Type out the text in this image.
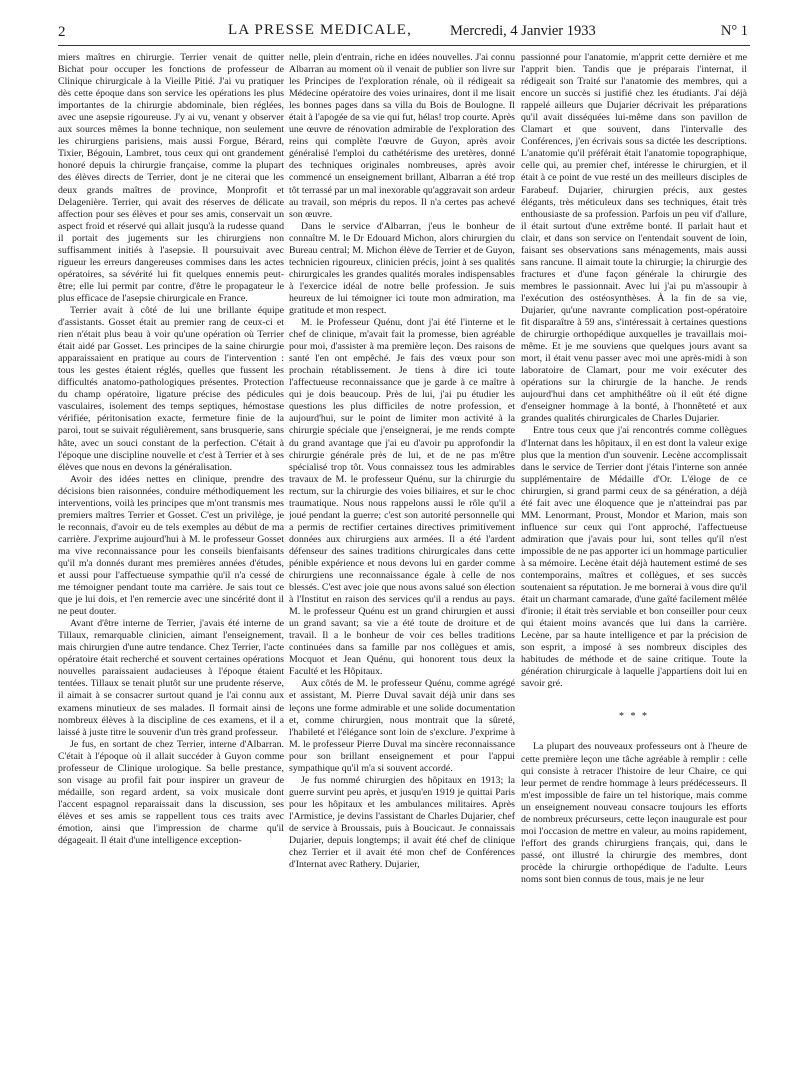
2	LA PRESSE MEDICALE,	Mercredi, 4 Janvier 1933	N° 1

miers maîtres en chirurgie. Terrier venait de quitter Bichat pour occuper les fonctions de professeur de Clinique chirurgicale à la Vieille Pitié. J'ai vu pratiquer dès cette époque dans son service les opérations les plus importantes de la chirurgie abdominale, bien réglées, avec une asepsie rigoureuse. J'y ai vu, venant y observer aux sources mêmes la bonne technique, non seulement les chirurgiens parisiens, mais aussi Forgue, Bérard, Tixier, Bégouin, Lambret, tous ceux qui ont grandement honoré depuis la chirurgie française, comme la plupart des élèves directs de Terrier, dont je ne citerai que les deux grands maîtres de province, Monprofit et Delagenière. Terrier, qui avait des réserves de délicate affection pour ses élèves et pour ses amis, conservait un aspect froid et réservé qui allait jusqu'à la rudesse quand il portait des jugements sur les chirurgiens non suffisamment initiés à l'asepsie. Il poursuivait avec rigueur les erreurs dangereuses commises dans les actes opératoires, sa sévérité lui fit quelques ennemis peut-être; elle lui permit par contre, d'être le propagateur le plus efficace de l'asepsie chirurgicale en France.

Terrier avait à côté de lui une brillante équipe d'assistants. Gosset était au premier rang de ceux-ci et rien n'était plus beau à voir qu'une opération où Terrier était aidé par Gosset. Les principes de la saine chirurgie apparaissaient en pratique au cours de l'intervention : tous les gestes étaient réglés, quelles que fussent les difficultés anatomo-pathologiques présentes. Protection du champ opératoire, ligature précise des pédicules vasculaires, isolement des temps septiques, hémostase vérifiée, péritonisation exacte, fermeture finie de la paroi, tout se suivait régulièrement, sans brusquerie, sans hâte, avec un souci constant de la perfection. C'était à l'époque une discipline nouvelle et c'est à Terrier et à ses élèves que nous en devons la généralisation.

Avoir des idées nettes en clinique, prendre des décisions bien raisonnées, conduire méthodiquement les interventions, voilà les principes que m'ont transmis mes premiers maîtres Terrier et Gosset. C'est un privilège, je le reconnais, d'avoir eu de tels exemples au début de ma carrière. J'exprime aujourd'hui à M. le professeur Gosset ma vive reconnaissance pour les conseils bienfaisants qu'il m'a donnés durant mes premières années d'études, et aussi pour l'affectueuse sympathie qu'il n'a cessé de me témoigner pendant toute ma carrière. Je sais tout ce que je lui dois, et l'en remercie avec une sincérité dont il ne peut douter.

Avant d'être interne de Terrier, j'avais été interne de Tillaux, remarquable clinicien, aimant l'enseignement, mais chirurgien d'une autre tendance. Chez Terrier, l'acte opératoire était recherché et souvent certaines opérations nouvelles paraissaient audacieuses à l'époque étaient tentées. Tillaux se tenait plutôt sur une prudente réserve, il aimait à se consacrer surtout quand je l'ai connu aux examens minutieux de ses malades. Il formait ainsi de nombreux élèves à la discipline de ces examens, et il a laissé à juste titre le souvenir d'un très grand professeur.

Je fus, en sortant de chez Terrier, interne d'Albarran. C'était à l'époque où il allait succéder à Guyon comme professeur de Clinique urologique. Sa belle prestance, son visage au profil fait pour inspirer un graveur de médaille, son regard ardent, sa voix musicale dont l'accent espagnol reparaissait dans la discussion, ses élèves et ses amis se rappellent tous ces traits avec émotion, ainsi que l'impression de charme qu'il dégageait. Il était d'une intelligence exception-

nelle, plein d'entrain, riche en idées nouvelles. J'ai connu Albarran au moment où il venait de publier son livre sur les Principes de l'exploration rénale, où il rédigeait sa Médecine opératoire des voies urinaires, dont il me lisait les bonnes pages dans sa villa du Bois de Boulogne. Il était à l'apogée de sa vie qui fut, hélas! trop courte. Après une œuvre de rénovation admirable de l'exploration des reins qui complète l'œuvre de Guyon, après avoir généralisé l'emploi du cathétérisme des uretères, donné des techniques originales nombreuses, après avoir commencé un enseignement brillant, Albarran a été trop tôt terrassé par un mal inexorable qu'aggravait son ardeur au travail, son mépris du repos. Il n'a certes pas achevé son œuvre.

Dans le service d'Albarran, j'eus le bonheur de connaître M. le Dr Edouard Michon, alors chirurgien du Bureau central; M. Michon élève de Terrier et de Guyon, technicien rigoureux, clinicien précis, joint à ses qualités chirurgicales les grandes qualités morales indispensables à l'exercice idéal de notre belle profession. Je suis heureux de lui témoigner ici toute mon admiration, ma gratitude et mon respect.

M. le Professeur Quénu, dont j'ai été l'interne et le chef de clinique, m'avait fait la promesse, bien agréable pour moi, d'assister à ma première leçon. Des raisons de santé l'en ont empêché. Je fais des vœux pour son prochain rétablissement. Je tiens à dire ici toute l'affectueuse reconnaissance que je garde à ce maître à qui je dois beaucoup. Près de lui, j'ai pu étudier les questions les plus difficiles de notre profession, et aujourd'hui, sur le point de limiter mon activité à la chirurgie spéciale que j'enseignerai, je me rends compte du grand avantage que j'ai eu d'avoir pu approfondir la chirurgie générale près de lui, et de ne pas m'être spécialisé trop tôt. Vous connaissez tous les admirables travaux de M. le professeur Quénu, sur la chirurgie du rectum, sur la chirurgie des voies biliaires, et sur le choc traumatique. Nous nous rappelons aussi le rôle qu'il a joué pendant la guerre; c'est son autorité personnelle qui a permis de rectifier certaines directives primitivement données aux chirurgiens aux armées. Il a été l'ardent défenseur des saines traditions chirurgicales dans cette pénible expérience et nous devons lui en garder comme chirurgiens une reconnaissance égale à celle de nos blessés. C'est avec joie que nous avons salué son élection à l'Institut en raison des services qu'il a rendus au pays. M. le professeur Quénu est un grand chirurgien et aussi un grand savant; sa vie a été toute de droiture et de travail. Il a le bonheur de voir ces belles traditions continuées dans sa famille par nos collègues et amis, Mocquot et Jean Quénu, qui honorent tous deux la Faculté et les Hôpitaux.

Aux côtés de M. le professeur Quénu, comme agrégé et assistant, M. Pierre Duval savait déjà unir dans ses leçons une forme admirable et une solide documentation et, comme chirurgien, nous montrait que la sûreté, l'habileté et l'élégance sont loin de s'exclure. J'exprime à M. le professeur Pierre Duval ma sincère reconnaissance pour son brillant enseignement et pour l'appui sympathique qu'il m'a si souvent accordé.

Je fus nommé chirurgien des hôpitaux en 1913; la guerre survint peu après, et jusqu'en 1919 je quittai Paris pour les hôpitaux et les ambulances militaires. Après l'Armistice, je devins l'assistant de Charles Dujarier, chef de service à Broussais, puis à Boucicaut. Je connaissais Dujarier, depuis longtemps; il avait été chef de clinique chez Terrier et il avait été mon chef de Conférences d'Internat avec Rathery. Dujarier,

passionné pour l'anatomie, m'apprit cette dernière et me l'apprit bien. Tandis que je préparais l'internat, il rédigeait son Traité sur l'anatomie des membres, qui a encore un succès si justifié chez les étudiants. J'ai déjà rappelé ailleurs que Dujarier décrivait les préparations qu'il avait disséquées lui-même dans son pavillon de Clamart et que souvent, dans l'intervalle des Conférences, j'en écrivais sous sa dictée les descriptions. L'anatomie qu'il préférait était l'anatomie topographique, celle qui, au premier chef, intéresse le chirurgien, et il était à ce point de vue resté un des meilleurs disciples de Farabeuf. Dujarier, chirurgien précis, aux gestes élégants, très méticuleux dans ses techniques, était très enthousiaste de sa profession. Parfois un peu vif d'allure, il était surtout d'une extrême bonté. Il parlait haut et clair, et dans son service on l'entendait souvent de loin, faisant ses observations sans ménagements, mais aussi sans rancune. Il aimait toute la chirurgie; la chirurgie des fractures et d'une façon générale la chirurgie des membres le passionnait. Avec lui j'ai pu m'assoupir à l'exécution des ostéosynthèses. À la fin de sa vie, Dujarier, qu'une navrante complication post-opératoire fit disparaître à 59 ans, s'intéressait à certaines questions de chirurgie orthopédique auxquelles je travaillais moi-même. Et je me souviens que quelques jours avant sa mort, il était venu passer avec moi une après-midi à son laboratoire de Clamart, pour me voir exécuter des opérations sur la chirurgie de la hanche. Je rends aujourd'hui dans cet amphithéâtre où il eût été digne d'enseigner hommage à la bonté, à l'honnêteté et aux grandes qualités chirurgicales de Charles Dujarier.

Entre tous ceux que j'ai rencontrés comme collègues d'Internat dans les hôpitaux, il en est dont la valeur exige plus que la mention d'un souvenir. Lecène accomplissait dans le service de Terrier dont j'étais l'interne son année supplémentaire de Médaille d'Or. L'éloge de ce chirurgien, si grand parmi ceux de sa génération, a déjà été fait avec une éloquence que je n'atteindrai pas par MM. Lenormant, Proust, Mondor et Marion, mais son influence sur ceux qui l'ont approché, l'affectueuse admiration que j'avais pour lui, sont telles qu'il n'est impossible de ne pas apporter ici un hommage particulier à sa mémoire. Lecène était déjà hautement estimé de ses contemporains, maîtres et collègues, et ses succès soutenaient sa réputation. Je me bornerai à vous dire qu'il était un charmant camarade, d'une gaîté facilement mêlée d'ironie; il était très serviable et bon conseiller pour ceux qui étaient moins avancés que lui dans la carrière. Lecène, par sa haute intelligence et par la précision de son esprit, a imposé à ses nombreux disciples des habitudes de méthode et de saine critique. Toute la génération chirurgicale à laquelle j'appartiens doit lui en savoir gré.

* * *

La plupart des nouveaux professeurs ont à l'heure de cette première leçon une tâche agréable à remplir : celle qui consiste à retracer l'histoire de leur Chaire, ce qui leur permet de rendre hommage à leurs prédécesseurs. Il m'est impossible de faire un tel historique, mais comme un enseignement nouveau consacre toujours les efforts de nombreux précurseurs, cette leçon inaugurale est pour moi l'occasion de mettre en valeur, au moins rapidement, l'effort des grands chirurgiens français, qui, dans le passé, ont illustré la chirurgie des membres, dont procède la chirurgie orthopédique de l'adulte. Leurs noms sont bien connus de tous, mais je ne leur
